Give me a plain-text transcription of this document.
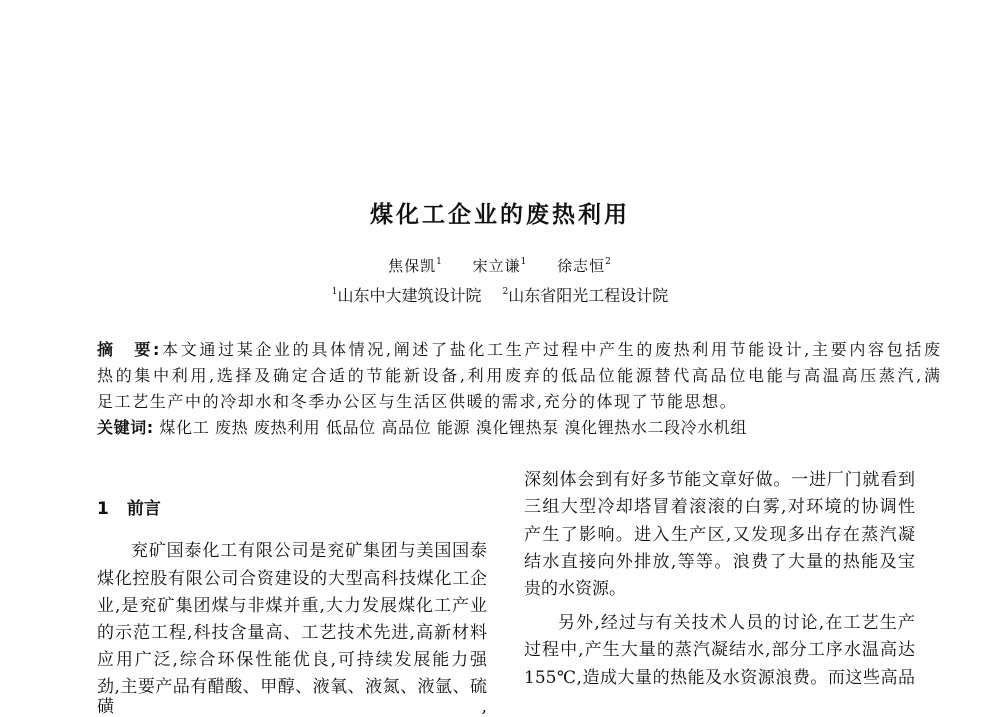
煤化工企业的废热利用
焦保凯$^1$ 宋立谦$^1$ 徐志恒$^2$
$^1$山东中大建筑设计院 $^2$山东省阳光工程设计院
摘　要:本文通过某企业的具体情况,阐述了盐化工生产过程中产生的废热利用节能设计,主要内容包括废
热的集中利用,选择及确定合适的节能新设备,利用废弃的低品位能源替代高品位电能与高温高压蒸汽,满
足工艺生产中的冷却水和冬季办公区与生活区供暖的需求,充分的体现了节能思想。
关键词: 煤化工 废热 废热利用 低品位 高品位 能源 溴化锂热泵 溴化锂热水二段冷水机组
1 前言
兖矿国泰化工有限公司是兖矿集团与美国国泰
煤化控股有限公司合资建设的大型高科技煤化工企
业,是兖矿集团煤与非煤并重,大力发展煤化工产业
的示范工程,科技含量高、工艺技术先进,高新材料
应用广泛,综合环保性能优良,可持续发展能力强
劲,主要产品有醋酸、甲醇、液氧、液氮、液氩、硫磺,
深刻体会到有好多节能文章好做。一进厂门就看到
三组大型冷却塔冒着滚滚的白雾,对环境的协调性
产生了影响。进入生产区,又发现多出存在蒸汽凝
结水直接向外排放,等等。浪费了大量的热能及宝
贵的水资源。
另外,经过与有关技术人员的讨论,在工艺生产
过程中,产生大量的蒸汽凝结水,部分工序水温高达
155℃,造成大量的热能及水资源浪费。而这些高品
